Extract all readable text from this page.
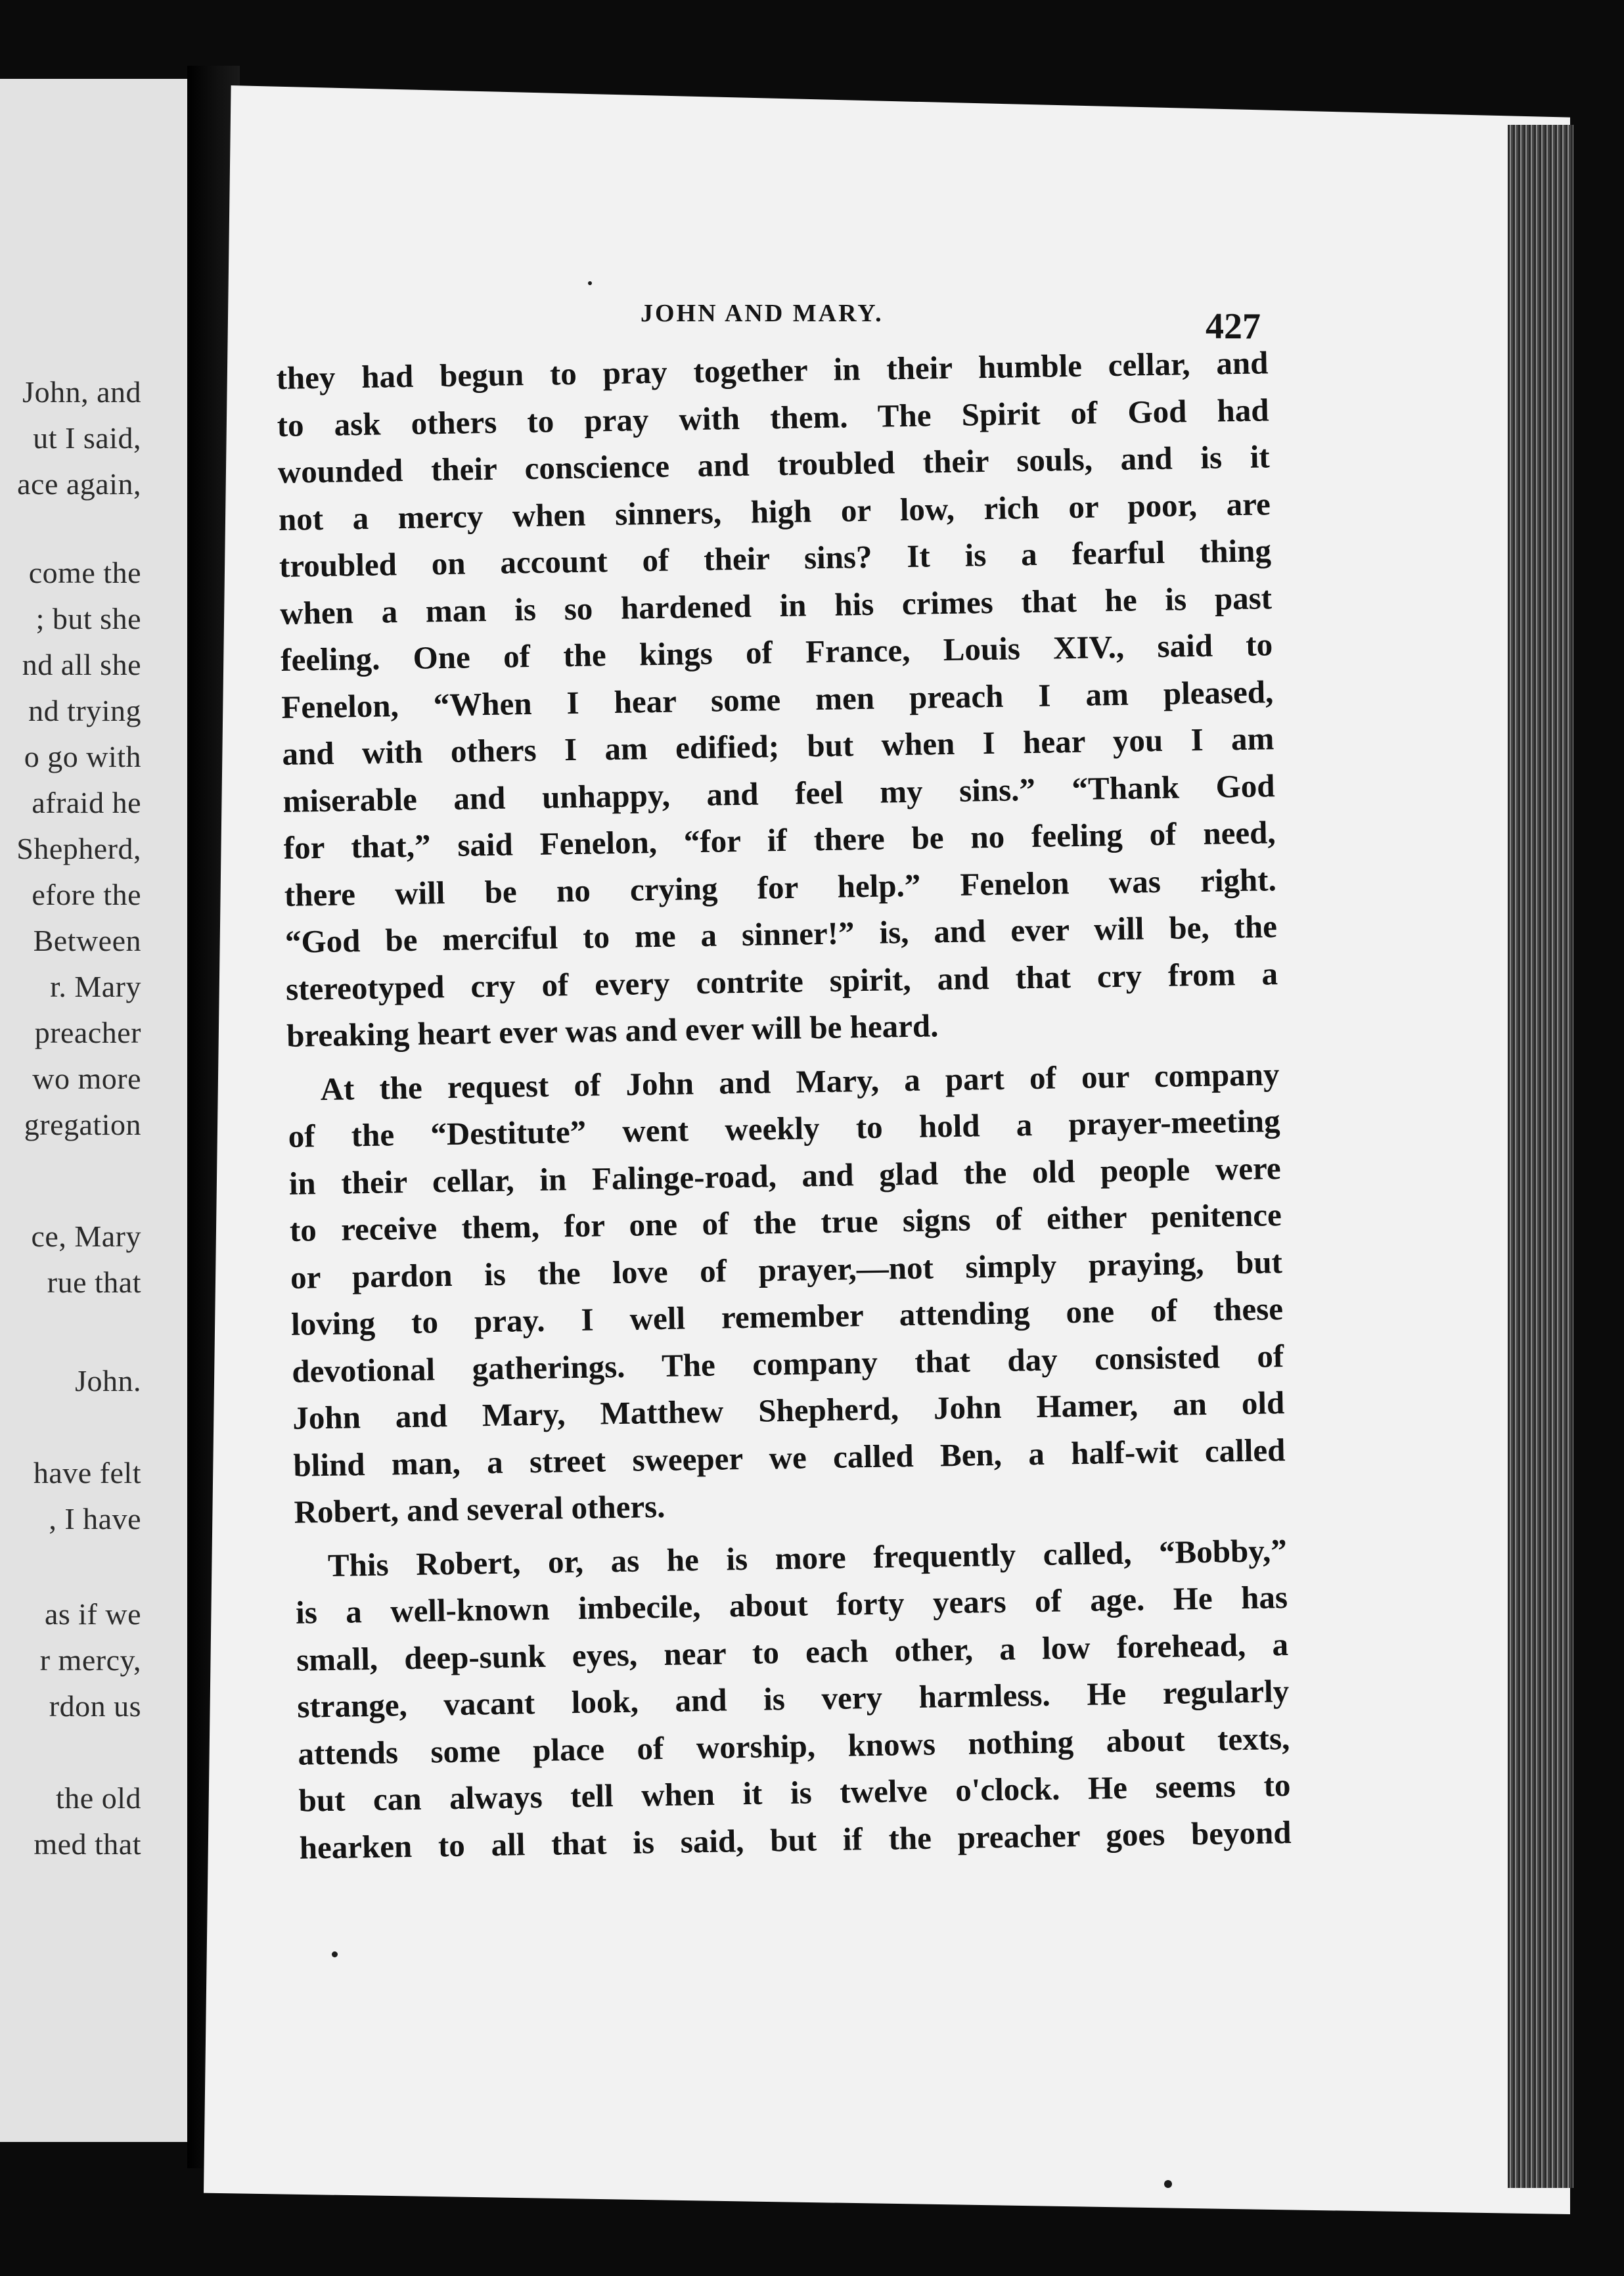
John, and
ut I said,
ace again,
come the
; but she
nd all she
nd trying
o go with
afraid he
Shepherd,
efore the
Between
r. Mary
preacher
wo more
gregation
ce, Mary
rue that
John.
have felt
, I have
as if we
r mercy,
rdon us
the old
med that
JOHN AND MARY.	427
they had begun to pray together in their humble cellar, and
to ask others to pray with them. The Spirit of God had
wounded their conscience and troubled their souls, and is it
not a mercy when sinners, high or low, rich or poor, are
troubled on account of their sins? It is a fearful thing
when a man is so hardened in his crimes that he is past
feeling. One of the kings of France, Louis XIV., said to
Fenelon, “When I hear some men preach I am pleased,
and with others I am edified; but when I hear you I am
miserable and unhappy, and feel my sins.” “Thank God
for that,” said Fenelon, “for if there be no feeling of need,
there will be no crying for help.” Fenelon was right.
“God be merciful to me a sinner!” is, and ever will be, the
stereotyped cry of every contrite spirit, and that cry from a
breaking heart ever was and ever will be heard.
At the request of John and Mary, a part of our company
of the “Destitute” went weekly to hold a prayer-meeting
in their cellar, in Falinge-road, and glad the old people were
to receive them, for one of the true signs of either penitence
or pardon is the love of prayer,—not simply praying, but
loving to pray. I well remember attending one of these
devotional gatherings. The company that day consisted of
John and Mary, Matthew Shepherd, John Hamer, an old
blind man, a street sweeper we called Ben, a half-wit called
Robert, and several others.
This Robert, or, as he is more frequently called, “Bobby,”
is a well-known imbecile, about forty years of age. He has
small, deep-sunk eyes, near to each other, a low forehead, a
strange, vacant look, and is very harmless. He regularly
attends some place of worship, knows nothing about texts,
but can always tell when it is twelve o'clock. He seems to
hearken to all that is said, but if the preacher goes beyond
